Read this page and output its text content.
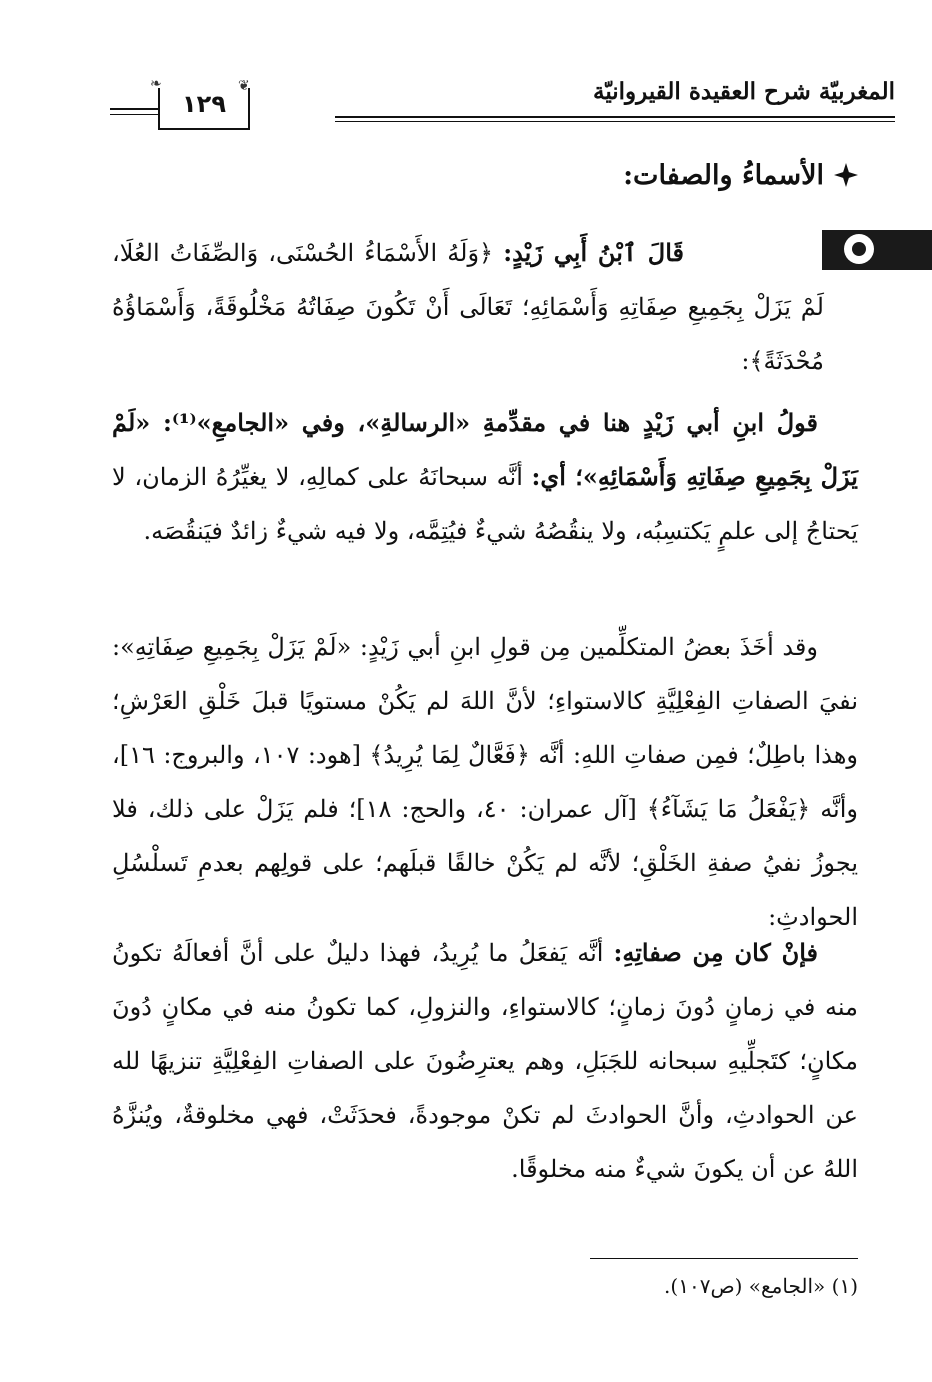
المغربيّة شرح العقيدة القيروانيّة
١٢٩
❦
❧
الأسماءُ والصفات:
قَالَ ٱبْنُ أَبِي زَيْدٍ: ﴿وَلَهُ الأَسْمَاءُ الحُسْنَى، وَالصِّفَاتُ العُلَا، لَمْ يَزَلْ بِجَمِيعِ صِفَاتِهِ وَأَسْمَائِهِ؛ تَعَالَى أَنْ تَكُونَ صِفَاتُهُ مَخْلُوقَةً، وَأَسْمَاؤُهُ مُحْدَثَةً﴾:
قولُ ابنِ أبي زَيْدٍ هنا في مقدِّمةِ «الرسالةِ»، وفي «الجامعِ»⁽¹⁾: «لَمْ يَزَلْ بِجَمِيعِ صِفَاتِهِ وَأَسْمَائِهِ»؛ أي: أنَّه سبحانَهُ على كمالِهِ، لا يغيِّرُهُ الزمان، لا يَحتاجُ إلى علمٍ يَكتسِبُه، ولا ينقُصُهُ شيءٌ فيُتِمَّه، ولا فيه شيءٌ زائدٌ فيَنقُصَه.
وقد أخَذَ بعضُ المتكلِّمين مِن قولِ ابنِ أبي زَيْدٍ: «لَمْ يَزَلْ بِجَمِيعِ صِفَاتِهِ»: نفيَ الصفاتِ الفِعْلِيَّةِ كالاستواءِ؛ لأنَّ اللهَ لم يَكُنْ مستويًا قبلَ خَلْقِ العَرْشِ؛ وهذا باطِلٌ؛ فمِن صفاتِ اللهِ: أنَّه ﴿فَعَّالٌ لِمَا يُرِيدُ﴾ [هود: ١٠٧، والبروج: ١٦]، وأنَّه ﴿يَفْعَلُ مَا يَشَآءُ﴾ [آل عمران: ٤٠، والحج: ١٨]؛ فلم يَزَلْ على ذلك، فلا يجوزُ نفيُ صفةِ الخَلْقِ؛ لأنَّه لم يَكُنْ خالقًا قبلَهم؛ على قولِهم بعدمِ تَسلْسُلِ الحوادثِ:
فإنْ كان مِن صفاتِهِ: أنَّه يَفعَلُ ما يُرِيدُ، فهذا دليلٌ على أنَّ أفعالَهُ تكونُ منه في زمانٍ دُونَ زمانٍ؛ كالاستواءِ، والنزولِ، كما تكونُ منه في مكانٍ دُونَ مكانٍ؛ كتَجلِّيهِ سبحانه للجَبَلِ، وهم يعترِضُونَ على الصفاتِ الفِعْلِيَّةِ تنزيهًا لله عن الحوادثِ، وأنَّ الحوادثَ لم تكنْ موجودةً، فحدَثَتْ، فهي مخلوقةٌ، ويُنزَّهُ اللهُ عن أن يكونَ شيءٌ منه مخلوقًا.
(١) «الجامع» (ص١٠٧).
